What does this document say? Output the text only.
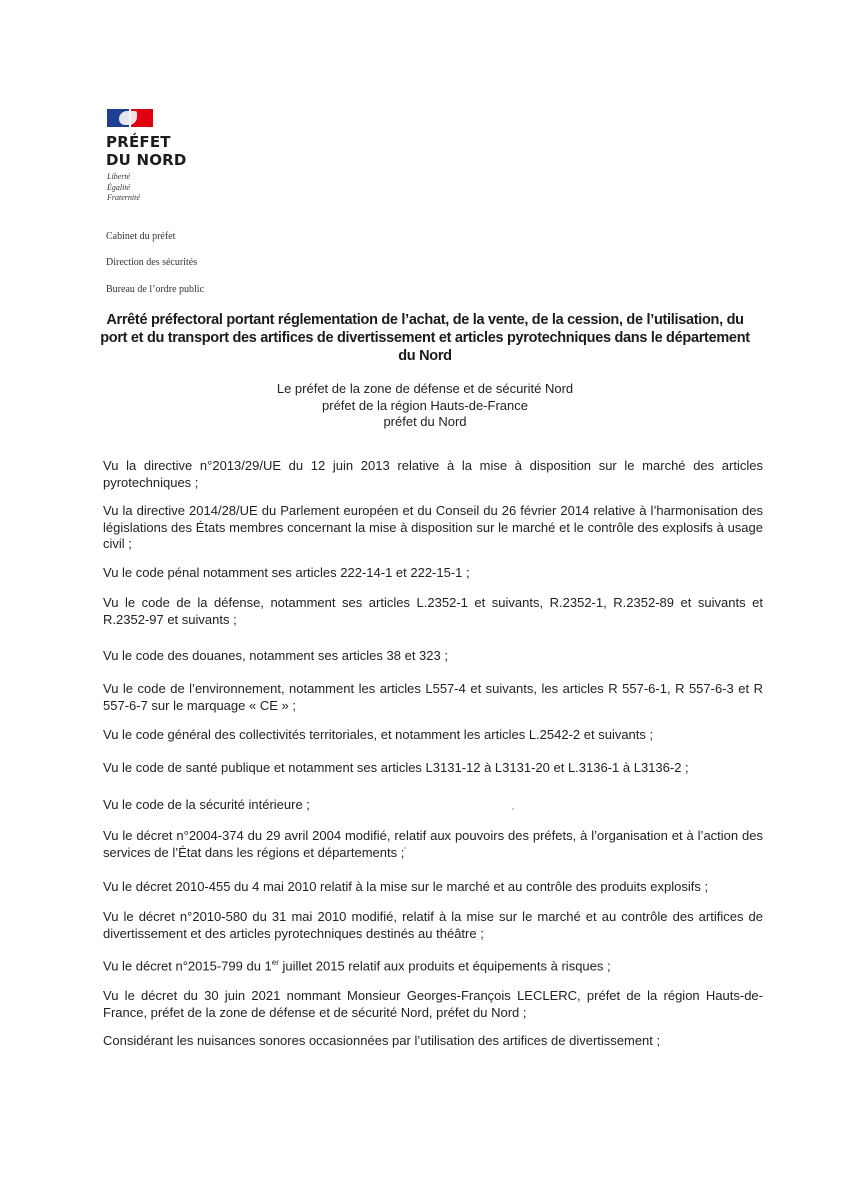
PRÉFET
DU NORD
Liberté
Égalité
Fraternité
Cabinet du préfet
Direction des sécurités
Bureau de l’ordre public
Arrêté préfectoral portant réglementation de l’achat, de la vente, de la cession, de l’utilisation, du port et du transport des artifices de divertissement et articles pyrotechniques dans le département du Nord
Le préfet de la zone de défense et de sécurité Nord
préfet de la région Hauts-de-France
préfet du Nord
Vu la directive n°2013/29/UE du 12 juin 2013 relative à la mise à disposition sur le marché des articles pyrotechniques ;
Vu la directive 2014/28/UE du Parlement européen et du Conseil du 26 février 2014 relative à l’harmonisation des législations des États membres concernant la mise à disposition sur le marché et le contrôle des explosifs à usage civil ;
Vu le code pénal notamment ses articles 222-14-1 et 222-15-1 ;
Vu le code de la défense, notamment ses articles L.2352-1 et suivants, R.2352-1, R.2352-89 et suivants et R.2352-97 et suivants ;
Vu le code des douanes, notamment ses articles 38 et 323 ;
Vu le code de l’environnement, notamment les articles L557-4 et suivants, les articles R 557-6-1, R 557-6-3 et R 557-6-7 sur le marquage « CE » ;
Vu le code général des collectivités territoriales, et notamment les articles L.2542-2 et suivants ;
Vu le code de santé publique et notamment ses articles L3131-12 à L3131-20 et L.3136-1 à L3136-2 ;
Vu le code de la sécurité intérieure ;
Vu le décret n°2004-374 du 29 avril 2004 modifié, relatif aux pouvoirs des préfets, à l’organisation et à l’action des services de l’État dans les régions et départements ;
Vu le décret 2010-455 du 4 mai 2010 relatif à la mise sur le marché et au contrôle des produits explosifs ;
Vu le décret n°2010-580 du 31 mai 2010 modifié, relatif à la mise sur le marché et au contrôle des artifices de divertissement et des articles pyrotechniques destinés au théâtre ;
Vu le décret n°2015-799 du 1er juillet 2015 relatif aux produits et équipements à risques ;
Vu le décret du 30 juin 2021 nommant Monsieur Georges-François LECLERC, préfet de la région Hauts-de-France, préfet de la zone de défense et de sécurité Nord, préfet du Nord ;
Considérant les nuisances sonores occasionnées par l’utilisation des artifices de divertissement ;
